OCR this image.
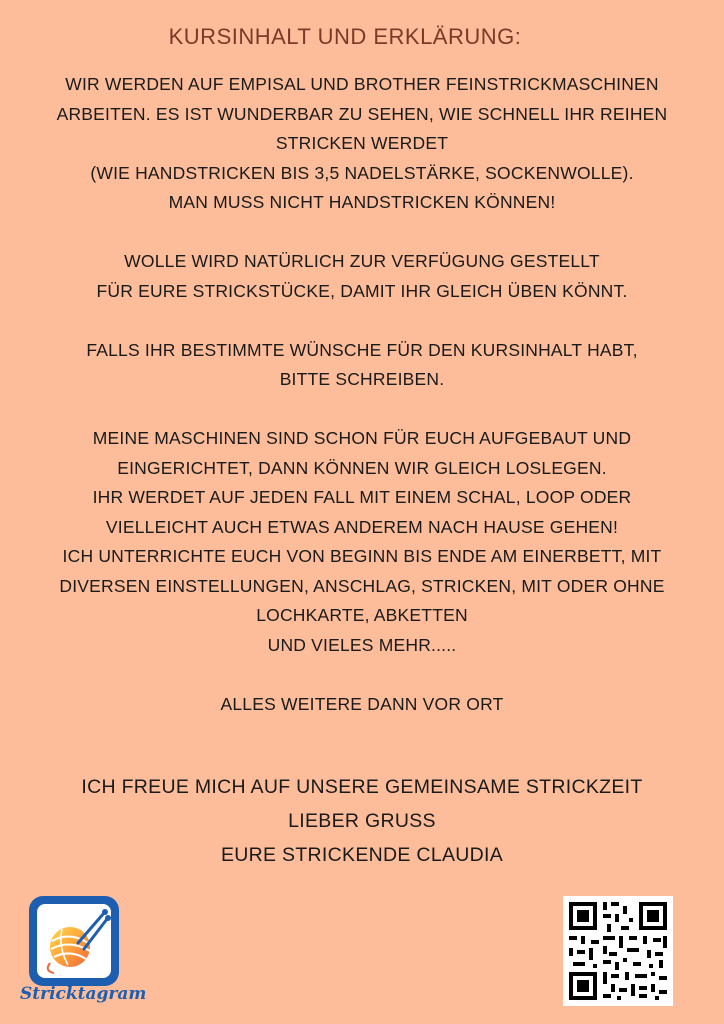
KURSINHALT UND ERKLÄRUNG:

WIR WERDEN AUF EMPISAL UND BROTHER FEINSTRICKMASCHINEN

ARBEITEN. ES IST WUNDERBAR ZU SEHEN, WIE SCHNELL IHR REIHEN

STRICKEN WERDET

(WIE HANDSTRICKEN BIS 3,5 NADELSTÄRKE, SOCKENWOLLE).

MAN MUSS NICHT HANDSTRICKEN KÖNNEN!

WOLLE WIRD NATÜRLICH ZUR VERFÜGUNG GESTELLT

FÜR EURE STRICKSTÜCKE, DAMIT IHR GLEICH ÜBEN KÖNNT.

FALLS IHR BESTIMMTE WÜNSCHE FÜR DEN KURSINHALT HABT,

BITTE SCHREIBEN.

MEINE MASCHINEN SIND SCHON FÜR EUCH AUFGEBAUT UND

EINGERICHTET, DANN KÖNNEN WIR GLEICH LOSLEGEN.

IHR WERDET AUF JEDEN FALL MIT EINEM SCHAL, LOOP ODER

VIELLEICHT AUCH ETWAS ANDEREM NACH HAUSE GEHEN!

ICH UNTERRICHTE EUCH VON BEGINN BIS ENDE AM EINERBETT, MIT

DIVERSEN EINSTELLUNGEN, ANSCHLAG, STRICKEN, MIT ODER OHNE

LOCHKARTE, ABKETTEN

UND VIELES MEHR.....

ALLES WEITERE DANN VOR ORT

ICH FREUE MICH AUF UNSERE GEMEINSAME STRICKZEIT

LIEBER GRUSS

EURE STRICKENDE CLAUDIA

Stricktagram
